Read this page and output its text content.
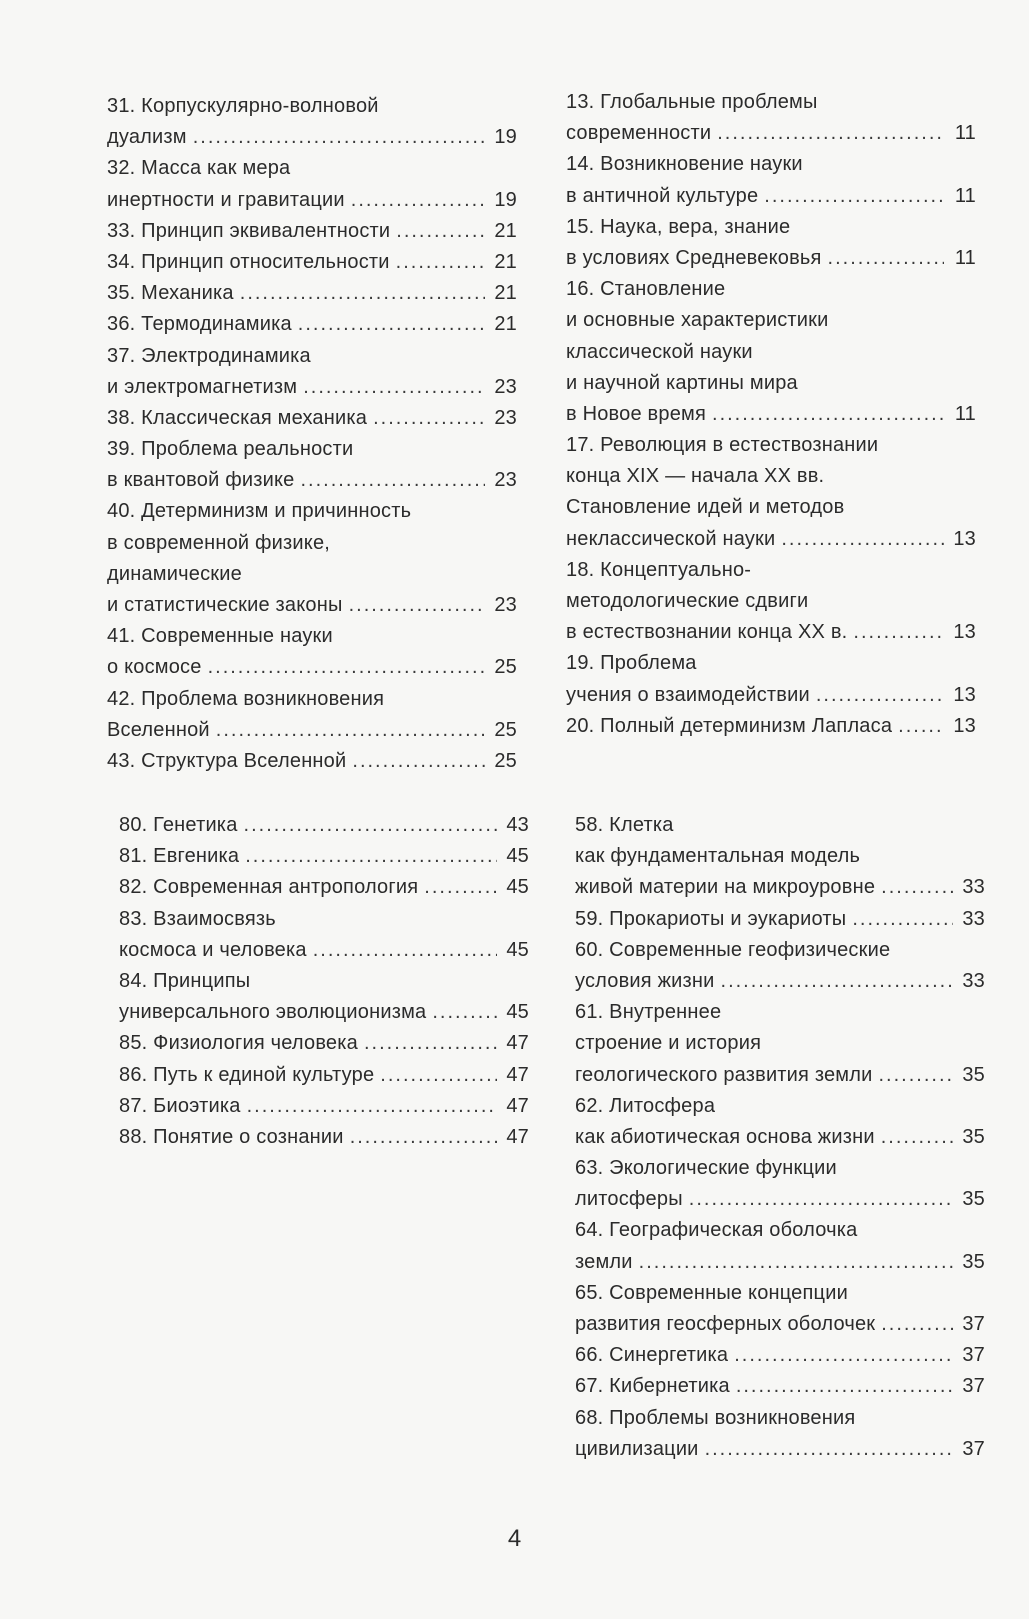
31. Корпускулярно-волновой
дуализм .....	19
32. Масса как мера
инертности и гравитации .....	19
33. Принцип эквивалентности .....	21
34. Принцип относительности .....	21
35. Механика .....	21
36. Термодинамика .....	21
37. Электродинамика
и электромагнетизм .....	23
38. Классическая механика .....	23
39. Проблема реальности
в квантовой физике .....	23
40. Детерминизм и причинность
в современной физике,
динамические
и статистические законы .....	23
41. Современные науки
о космосе .....	25
42. Проблема возникновения
Вселенной .....	25
43. Структура Вселенной .....	25
13. Глобальные проблемы
современности .....	11
14. Возникновение науки
в античной культуре .....	11
15. Наука, вера, знание
в условиях Средневековья .....	11
16. Становление
и основные характеристики
классической науки
и научной картины мира
в Новое время .....	11
17. Революция в естествознании
конца XIX — начала XX вв.
Становление идей и методов
неклассической науки .....	13
18. Концептуально-
методологические сдвиги
в естествознании конца XX в. .....	13
19. Проблема
учения о взаимодействии .....	13
20. Полный детерминизм Лапласа .....	13
80. Генетика .....	43
81. Евгеника .....	45
82. Современная антропология .....	45
83. Взаимосвязь
космоса и человека .....	45
84. Принципы
универсального эволюционизма .....	45
85. Физиология человека .....	47
86. Путь к единой культуре .....	47
87. Биоэтика .....	47
88. Понятие о сознании .....	47
58. Клетка
как фундаментальная модель
живой материи на микроуровне .....	33
59. Прокариоты и эукариоты .....	33
60. Современные геофизические
условия жизни .....	33
61. Внутреннее
строение и история
геологического развития земли .....	35
62. Литосфера
как абиотическая основа жизни .....	35
63. Экологические функции
литосферы .....	35
64. Географическая оболочка
земли .....	35
65. Современные концепции
развития геосферных оболочек .....	37
66. Синергетика .....	37
67. Кибернетика .....	37
68. Проблемы возникновения
цивилизации .....	37
4
